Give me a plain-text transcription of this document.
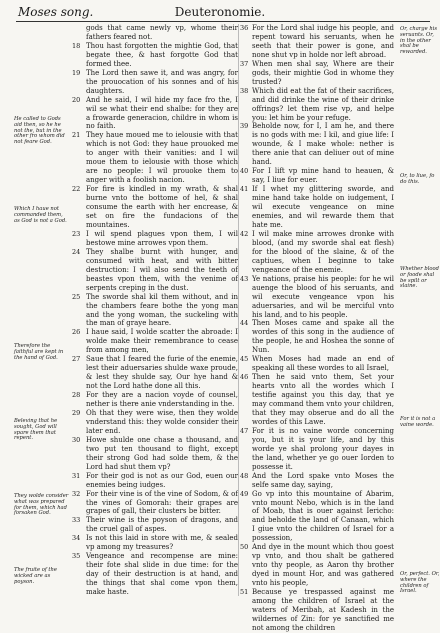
Moses song.	Deuteronomie.
gods that came newly vp, whome their fathers feared not.
18 Thou hast forgotten the mightie God, that begate thee, & hast forgotte God that formed thee.
19 The Lord then sawe it, and was angry, for the prouocation of his sonnes and of his daughters.
20 And he said, I wil hide my face fro the, I wil se what their end shalbe: for they are a frowarde generacion, childre in whom is no faith.
21 They haue moued me to ielousie with that which is not God: they haue prouoked me to anger with their vanities: and I wil moue them to ielousie with those which are no people: I wil prouoke them to anger with a foolish nacion.
22 For fire is kindled in my wrath, & shal burne vnto the bottome of hel, & shal consume the earth with her encrease, & set on fire the fundacions of the mountaines.
23 I wil spend plagues vpon them, I wil bestowe mine arrowes vpon them.
24 They shalbe burnt with hunger, and consumed with heat, and with bitter destruction: I wil also send the teeth of beastes vpon them, with the venime of serpents creping in the dust.
25 The sworde shal kil them without, and in the chambers feare bothe the yong man and the yong woman, the suckeling with the man of graye heare.
26 I haue said, I wolde scatter the abroade: I wolde make their remembrance to cease from among men,
27 Saue that I feared the furie of the enemie, lest their aduersaries shulde waxe proude, & lest they shulde say, Our hye hand & not the Lord hathe done all this.
28 For they are a nacion voyde of counsel, nether is there anie vnderstanding in the.
29 Oh that they were wise, then they wolde vnderstand this: they wolde consider their later end.
30 Howe shulde one chase a thousand, and two put ten thousand to flight, except their strong God had solde them, & the Lord had shut them vp?
31 For their god is not as our God, euen our enemies being iudges.
32 For their vine is of the vine of Sodom, & of the vines of Gomorah: their grapes are grapes of gall, their clusters be bitter.
33 Their wine is the poyson of dragons, and the cruel gall of aspes.
34 Is not this laid in store with me, & sealed vp among my treasures?
35 Vengeance and recompense are mine: their fote shal slide in due time: for the day of their destruction is at hand, and the things that shal come vpon them, make haste.
He called to Gods aid then, so he he not the, but in the other fro whom did not feare God.
Which I haue not commanded them, as God is not a God.
Therefore the faithful are kept in the hand of God.
Beleving that he sought, God will spare them that repent.
They wolde consider what was prepared for them, which had forsaken God.
The fruite of the wicked are as poyson.
36 For the Lord shal iudge his people, and repent toward his seruants, when he seeth that their power is gone, and none shut vp in holde nor left abroad.
37 When men shal say, Where are their gods, their mightie God in whome they trusted?
38 Which did eat the fat of their sacrifices, and did drinke the wine of their drinke offrings? let them rise vp, and helpe you: let him be your refuge.
39 Beholde now, for I, I am he, and there is no gods with me: I kil, and giue life: I wounde, & I make whole: nether is there anie that can deliuer out of mine hand.
40 For I lift vp mine hand to heauen, & say, I liue for euer.
41 If I whet my glittering sworde, and mine hand take holde on iudgement, I wil execute vengeance on mine enemies, and wil rewarde them that hate me.
42 I wil make mine arrowes dronke with blood, (and my sworde shal eat flesh) for the blood of the slaine, & of the captiues, when I beginne to take vengeance of the enemie.
43 Ye nations, praise his people: for he wil auenge the blood of his seruants, and wil execute vengeance vpon his aduersaries, and wil be merciful vnto his land, and to his people.
44 Then Moses came and spake all the wordes of this song in the audience of the people, he and Hoshea the sonne of Nun.
45 When Moses had made an end of speaking all these wordes to all Israel,
46 Then he said vnto them, Set your hearts vnto all the wordes which I testifie against you this day, that ye may command them vnto your children, that they may obserue and do all the wordes of this Lawe.
47 For it is no vaine worde concerning you, but it is your life, and by this worde ye shal prolong your dayes in the land, whether ye go ouer Iorden to possesse it.
48 And the Lord spake vnto Moses the selfe same day, saying,
49 Go vp into this mountaine of Abarim, vnto mount Nebo, which is in the land of Moab, that is ouer against Iericho: and beholde the land of Canaan, which I giue vnto the children of Israel for a possession,
50 And dye in the mount which thou goest vp vnto, and thou shalt be gathered vnto thy people, as Aaron thy brother dyed in mount Hor, and was gathered vnto his people,
51 Because ye trespassed against me among the children of Israel at the waters of Meribah, at Kadesh in the wildernes of Zin: for ye sanctified me not among the children
Or, charge his seruants. Or, in the other shal be rewarded.
Or, to liue, fo do this.
Whether blood or foode shal be spilt or slaine.
For it is not a vaine worde.
Or, perfect. Or, where the children of Israel.
